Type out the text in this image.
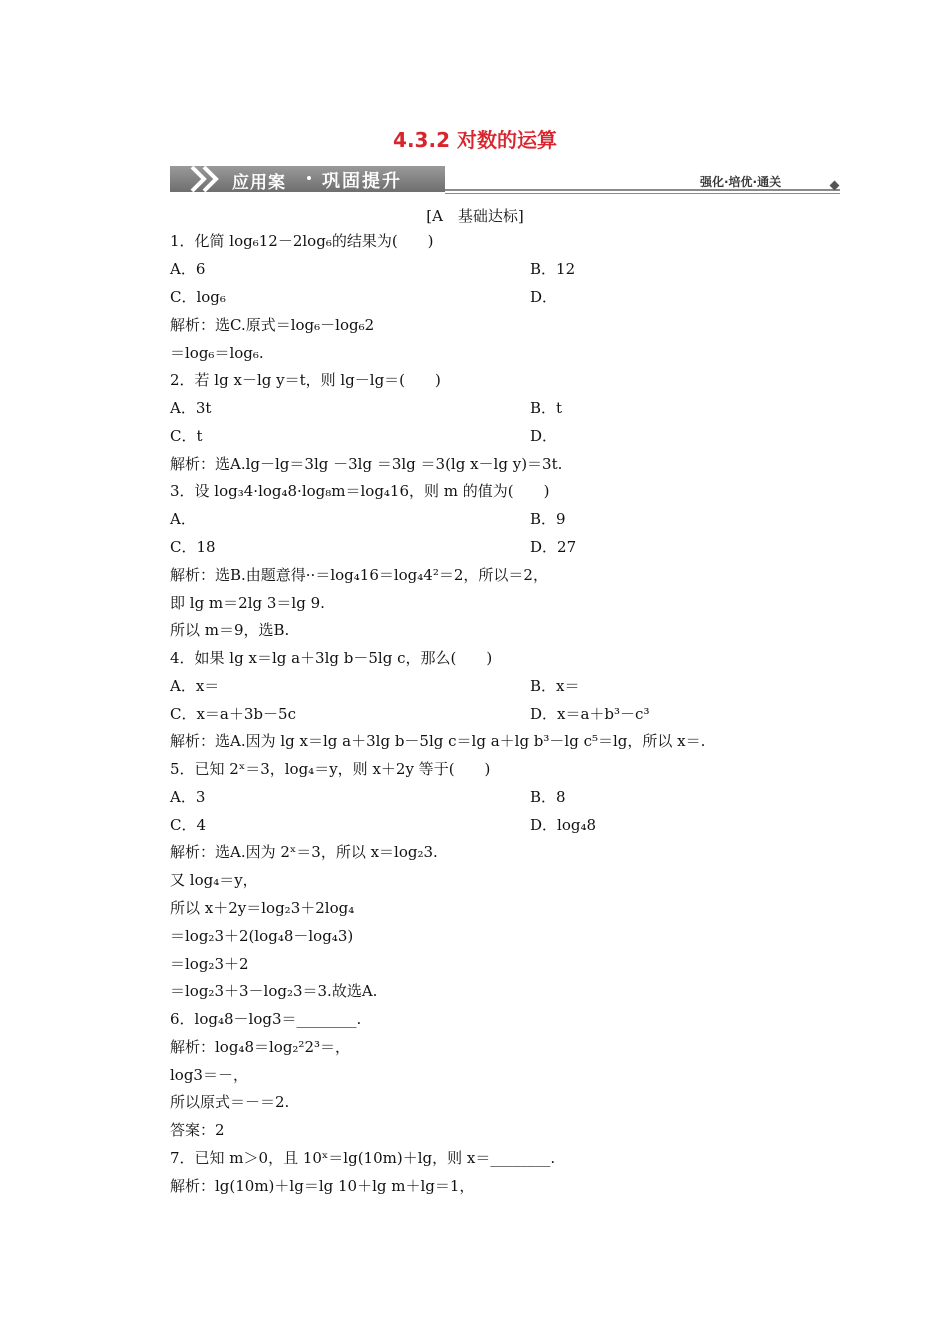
4.3.2 对数的运算
应用案 巩固提升	强化·培优·通关
[A　基础达标]
1．化简 log₆12－2log₆的结果为(　　)
A．6	B．12
C．log₆	D．
解析：选C.原式＝log₆－log₆2
＝log₆＝log₆.
2．若 lg x－lg y＝t，则 lg－lg＝(　　)
A．3t	B．t
C．t	D．
解析：选A.lg－lg＝3lg －3lg ＝3lg ＝3(lg x－lg y)＝3t.
3．设 log₃4·log₄8·log₈m＝log₄16，则 m 的值为(　　)
A．	B．9
C．18	D．27
解析：选B.由题意得··＝log₄16＝log₄4²＝2，所以＝2，
即 lg m＝2lg 3＝lg 9.
所以 m＝9，选B.
4．如果 lg x＝lg a＋3lg b－5lg c，那么(　　)
A．x＝	B．x＝
C．x＝a＋3b－5c	D．x＝a＋b³－c³
解析：选A.因为 lg x＝lg a＋3lg b－5lg c＝lg a＋lg b³－lg c⁵＝lg，所以 x＝.
5．已知 2ˣ＝3，log₄＝y，则 x＋2y 等于(　　)
A．3	B．8
C．4	D．log₄8
解析：选A.因为 2ˣ＝3，所以 x＝log₂3.
又 log₄＝y，
所以 x＋2y＝log₂3＋2log₄
＝log₂3＋2(log₄8－log₄3)
＝log₂3＋2
＝log₂3＋3－log₂3＝3.故选A.
6．log₄8－log3＝________.
解析：log₄8＝log₂²2³＝，
log3＝－，
所以原式＝－＝2.
答案：2
7．已知 m＞0，且 10ˣ＝lg(10m)＋lg，则 x＝________.
解析：lg(10m)＋lg＝lg 10＋lg m＋lg＝1，
